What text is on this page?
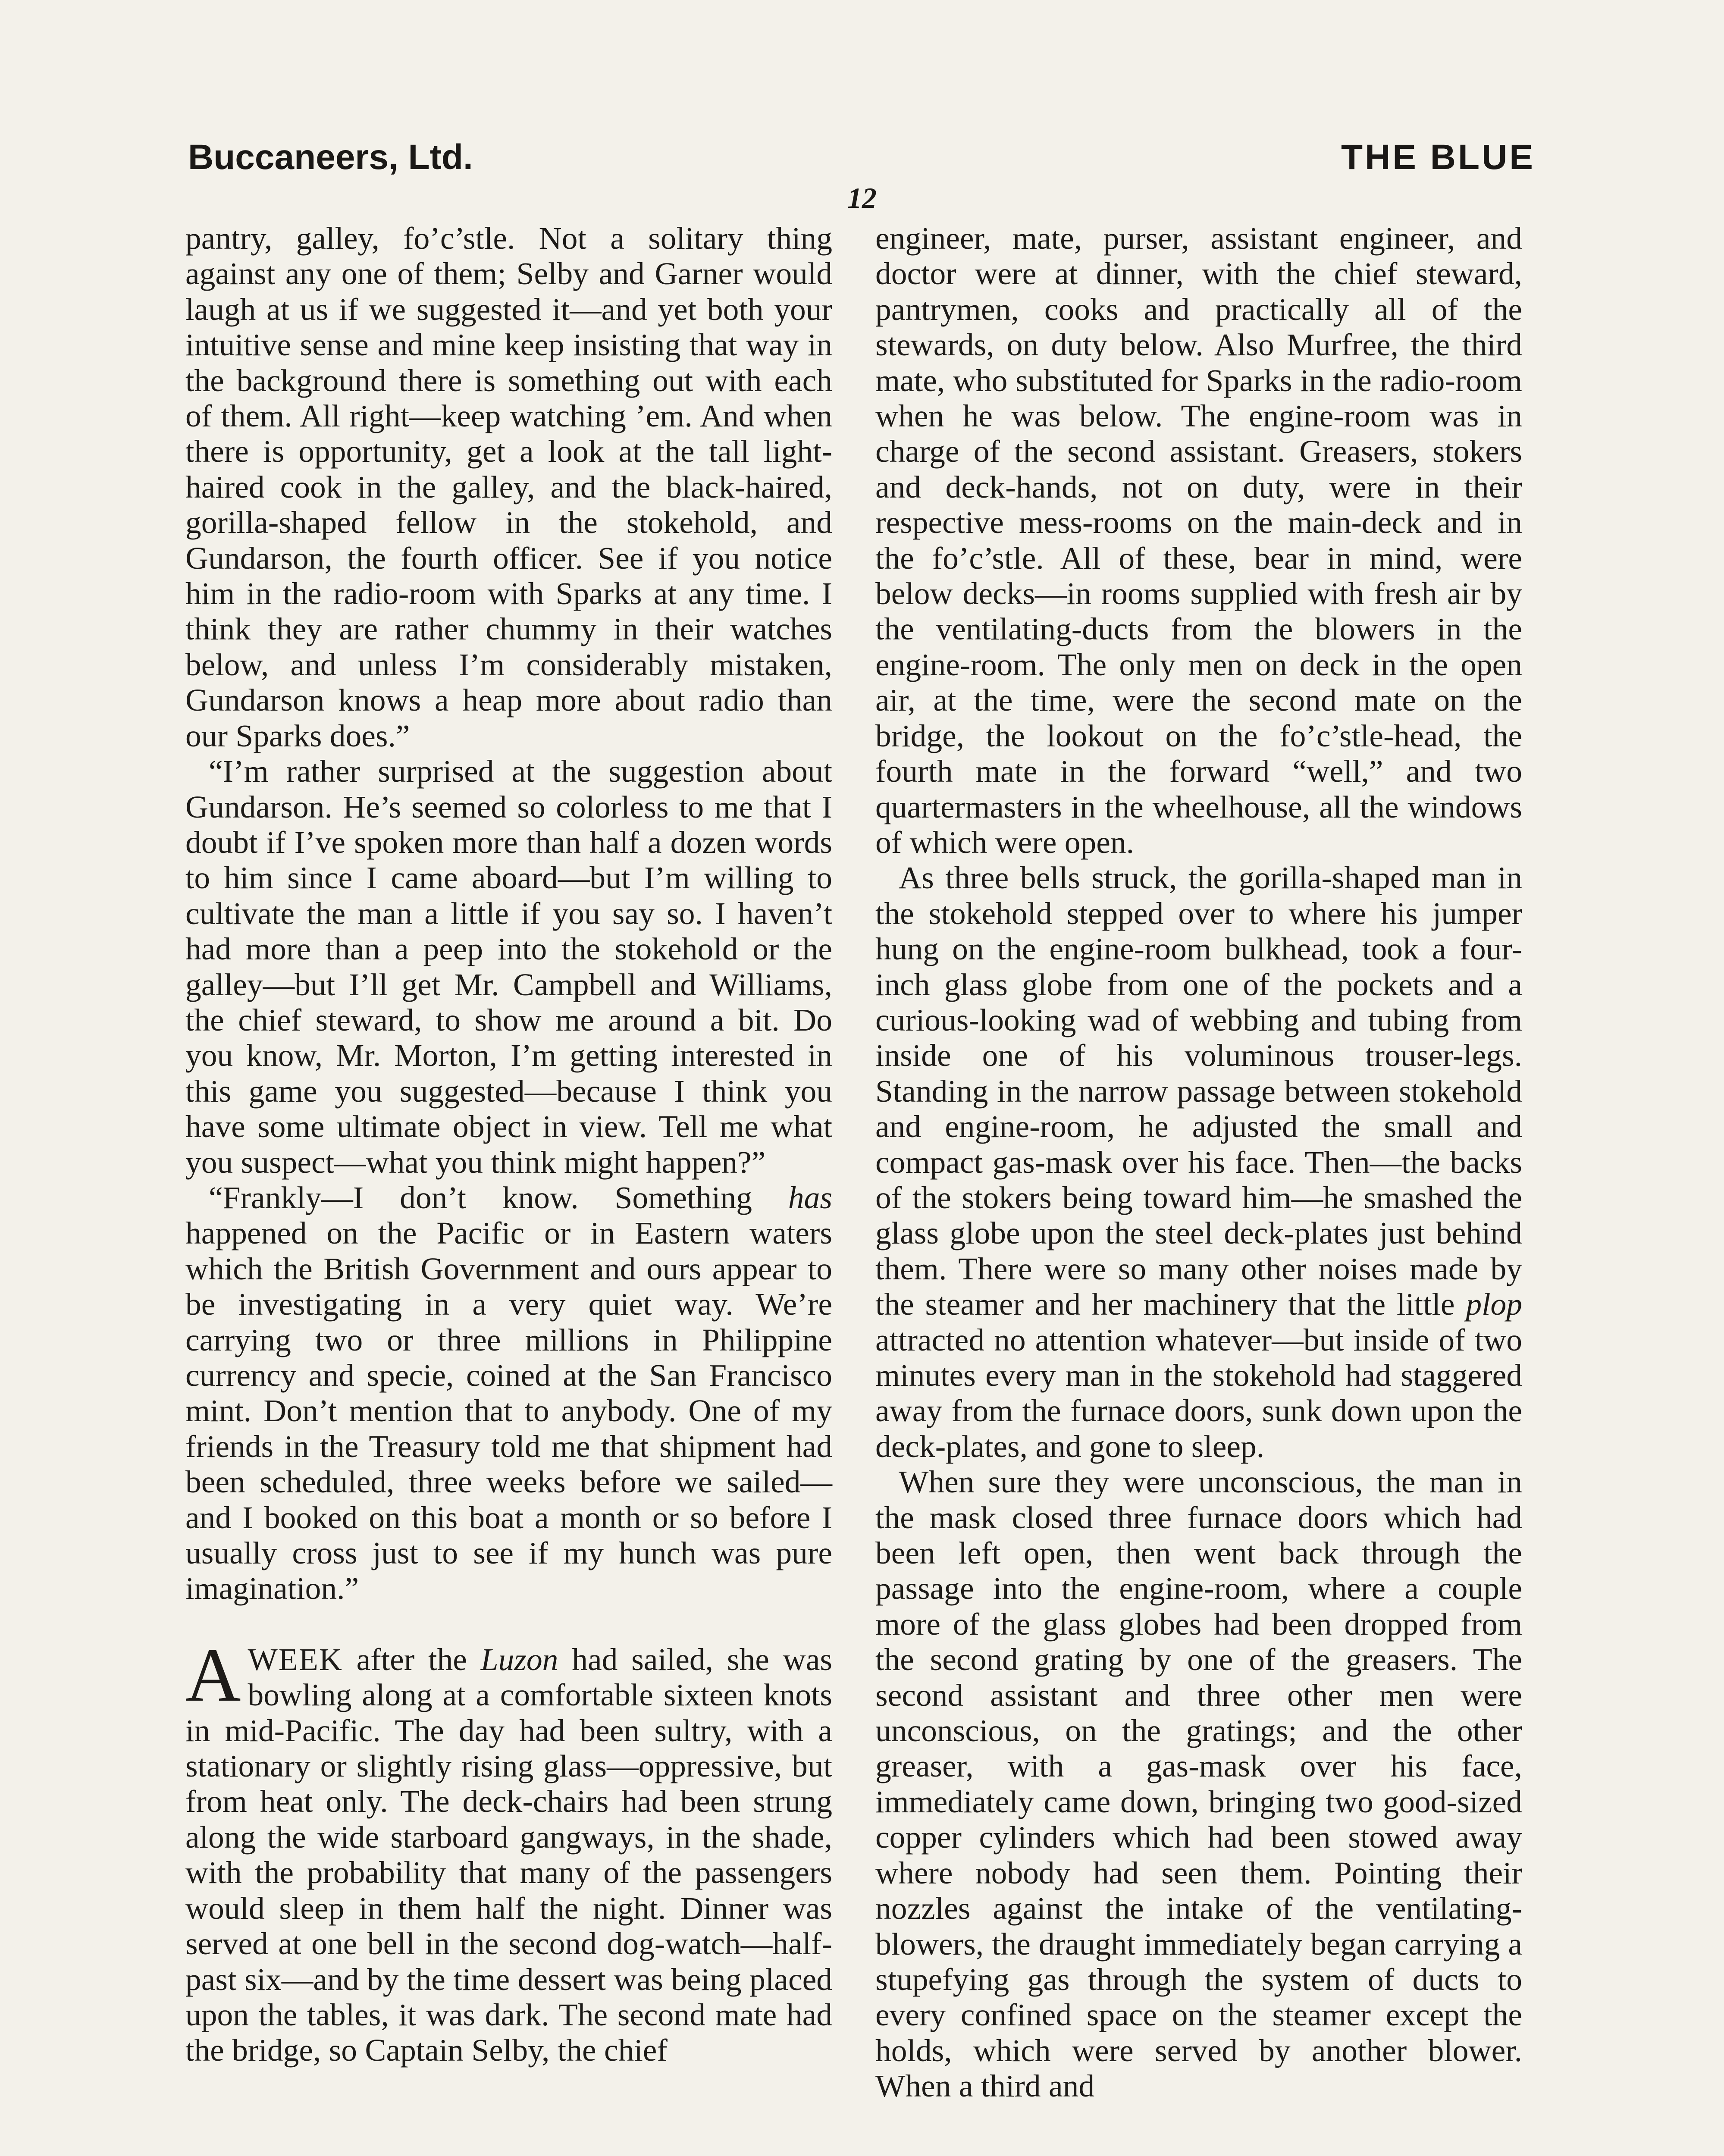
Buccaneers, Ltd.	THE BLUE
12

pantry, galley, fo’c’stle. Not a solitary thing against any one of them; Selby and Garner would laugh at us if we suggested it—and yet both your intuitive sense and mine keep insisting that way in the background there is something out with each of them. All right—keep watching ’em. And when there is opportunity, get a look at the tall light-haired cook in the galley, and the black-haired, gorilla-shaped fellow in the stokehold, and Gundarson, the fourth officer. See if you notice him in the radio-room with Sparks at any time. I think they are rather chummy in their watches below, and unless I’m considerably mistaken, Gundarson knows a heap more about radio than our Sparks does.”

“I’m rather surprised at the suggestion about Gundarson. He’s seemed so colorless to me that I doubt if I’ve spoken more than half a dozen words to him since I came aboard—but I’m willing to cultivate the man a little if you say so. I haven’t had more than a peep into the stokehold or the galley—but I’ll get Mr. Campbell and Williams, the chief steward, to show me around a bit. Do you know, Mr. Morton, I’m getting interested in this game you suggested—because I think you have some ultimate object in view. Tell me what you suspect—what you think might happen?”

“Frankly—I don’t know. Something has happened on the Pacific or in Eastern waters which the British Government and ours appear to be investigating in a very quiet way. We’re carrying two or three millions in Philippine currency and specie, coined at the San Francisco mint. Don’t mention that to anybody. One of my friends in the Treasury told me that shipment had been scheduled, three weeks before we sailed—and I booked on this boat a month or so before I usually cross just to see if my hunch was pure imagination.”

AWEEK after the Luzon had sailed, she was bowling along at a comfortable sixteen knots in mid-Pacific. The day had been sultry, with a stationary or slightly rising glass—oppressive, but from heat only. The deck-chairs had been strung along the wide starboard gangways, in the shade, with the probability that many of the passengers would sleep in them half the night. Dinner was served at one bell in the second dog-watch—half-past six—and by the time dessert was being placed upon the tables, it was dark. The second mate had the bridge, so Captain Selby, the chief

engineer, mate, purser, assistant engineer, and doctor were at dinner, with the chief steward, pantrymen, cooks and practically all of the stewards, on duty below. Also Murfree, the third mate, who substituted for Sparks in the radio-room when he was below. The engine-room was in charge of the second assistant. Greasers, stokers and deck-hands, not on duty, were in their respective mess-rooms on the main-deck and in the fo’c’stle. All of these, bear in mind, were below decks—in rooms supplied with fresh air by the ventilating-ducts from the blowers in the engine-room. The only men on deck in the open air, at the time, were the second mate on the bridge, the lookout on the fo’c’stle-head, the fourth mate in the forward “well,” and two quartermasters in the wheelhouse, all the windows of which were open.

As three bells struck, the gorilla-shaped man in the stokehold stepped over to where his jumper hung on the engine-room bulkhead, took a four-inch glass globe from one of the pockets and a curious-looking wad of webbing and tubing from inside one of his voluminous trouser-legs. Standing in the narrow passage between stokehold and engine-room, he adjusted the small and compact gas-mask over his face. Then—the backs of the stokers being toward him—he smashed the glass globe upon the steel deck-plates just behind them. There were so many other noises made by the steamer and her machinery that the little plop attracted no attention whatever—but inside of two minutes every man in the stokehold had staggered away from the furnace doors, sunk down upon the deck-plates, and gone to sleep.

When sure they were unconscious, the man in the mask closed three furnace doors which had been left open, then went back through the passage into the engine-room, where a couple more of the glass globes had been dropped from the second grating by one of the greasers. The second assistant and three other men were unconscious, on the gratings; and the other greaser, with a gas-mask over his face, immediately came down, bringing two good-sized copper cylinders which had been stowed away where nobody had seen them. Pointing their nozzles against the intake of the ventilating-blowers, the draught immediately began carrying a stupefying gas through the system of ducts to every confined space on the steamer except the holds, which were served by another blower. When a third and
